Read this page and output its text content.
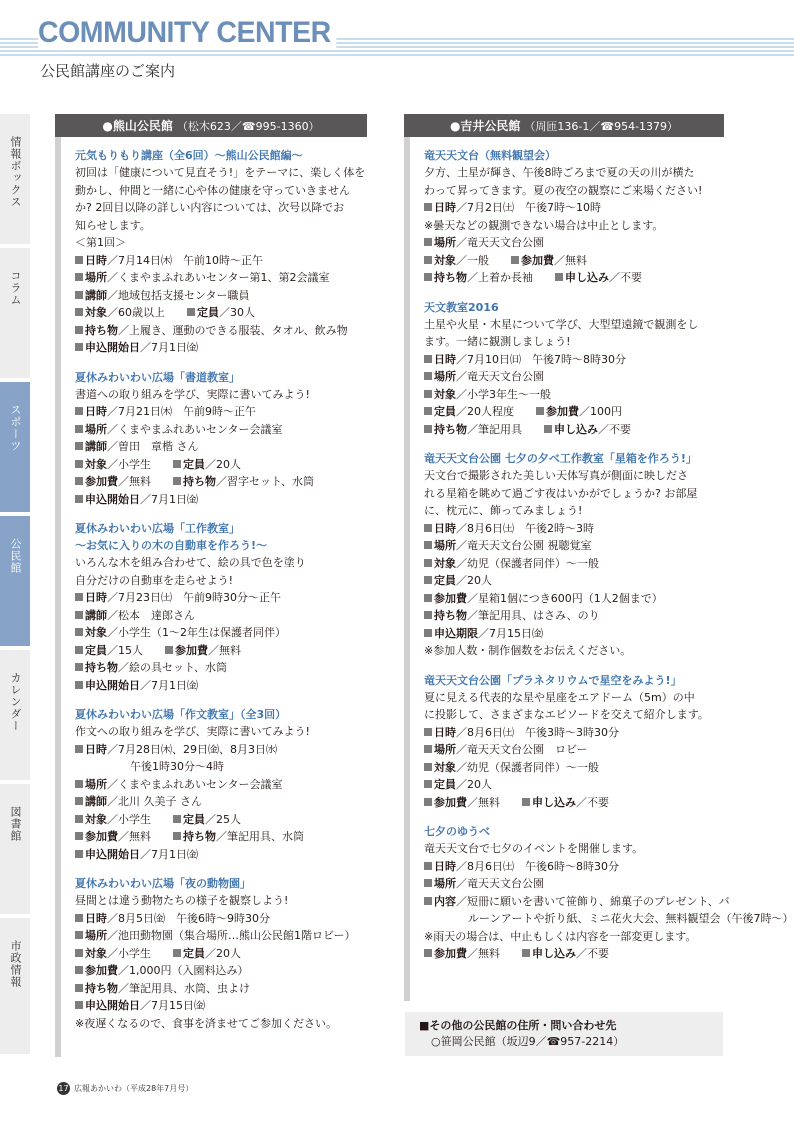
COMMUNITY CENTER
公民館講座のご案内
情報ボックス
コラム
スポーツ
公民館
カレンダー
図書館
市政情報
●熊山公民館 （松木623／☎995-1360）
元気もりもり講座（全6回）～熊山公民館編～
初回は「健康について見直そう!」をテーマに、楽しく体を
動かし、仲間と一緒に心や体の健康を守っていきません
か? 2回目以降の詳しい内容については、次号以降でお
知らせします。
＜第1回＞
日時／7月14日㈭　午前10時～正午
場所／くまやまふれあいセンター第1、第2会議室
講師／地域包括支援センター職員
対象／60歳以上　　定員／30人
持ち物／上履き、運動のできる服装、タオル、飲み物
申込開始日／7月1日㈮
夏休みわいわい広場「書道教室」
書道への取り組みを学び、実際に書いてみよう!
日時／7月21日㈭　午前9時～正午
場所／くまやまふれあいセンター会議室
講師／曽田　章楷 さん
対象／小学生　　定員／20人
参加費／無料　　持ち物／習字セット、水筒
申込開始日／7月1日㈮
夏休みわいわい広場「工作教室」
～お気に入りの木の自動車を作ろう!～
いろんな木を組み合わせて、絵の具で色を塗り
自分だけの自動車を走らせよう!
日時／7月23日㈯　午前9時30分～正午
講師／松本　達郎さん
対象／小学生（1～2年生は保護者同伴）
定員／15人　　参加費／無料
持ち物／絵の具セット、水筒
申込開始日／7月1日㈮
夏休みわいわい広場「作文教室」（全3回）
作文への取り組みを学び、実際に書いてみよう!
日時／7月28日㈭、29日㈮、8月3日㈬
　　　　　午後1時30分～4時
場所／くまやまふれあいセンター会議室
講師／北川 久美子 さん
対象／小学生　　定員／25人
参加費／無料　　持ち物／筆記用具、水筒
申込開始日／7月1日㈮
夏休みわいわい広場「夜の動物園」
昼間とは違う動物たちの様子を観察しよう!
日時／8月5日㈮　午後6時～9時30分
場所／池田動物園（集合場所…熊山公民館1階ロビー）
対象／小学生　　定員／20人
参加費／1,000円（入園料込み）
持ち物／筆記用具、水筒、虫よけ
申込開始日／7月15日㈮
※夜遅くなるので、食事を済ませてご参加ください。
●吉井公民館 （周匝136-1／☎954-1379）
竜天天文台（無料観望会）
夕方、土星が輝き、午後8時ごろまで夏の天の川が横た
わって昇ってきます。夏の夜空の観察にご来場ください!
日時／7月2日㈯　午後7時～10時
※曇天などの観測できない場合は中止とします。
場所／竜天天文台公園
対象／一般　　参加費／無料
持ち物／上着か長袖　　申し込み／不要
天文教室2016
土星や火星・木星について学び、大型望遠鏡で観測をし
ます。一緒に観測しましょう!
日時／7月10日㈰　午後7時～8時30分
場所／竜天天文台公園
対象／小学3年生～一般
定員／20人程度　　参加費／100円
持ち物／筆記用具　　申し込み／不要
竜天天文台公園 七夕の夕べ工作教室「星箱を作ろう!」
天文台で撮影された美しい天体写真が側面に映しださ
れる星箱を眺めて過ごす夜はいかがでしょうか? お部屋
に、枕元に、飾ってみましょう!
日時／8月6日㈯　午後2時～3時
場所／竜天天文台公園 視聴覚室
対象／幼児（保護者同伴）～一般
定員／20人
参加費／星箱1個につき600円（1人2個まで）
持ち物／筆記用具、はさみ、のり
申込期限／7月15日㈮
※参加人数・制作個数をお伝えください。
竜天天文台公園「プラネタリウムで星空をみよう!」
夏に見える代表的な星や星座をエアドーム（5m）の中
に投影して、さまざまなエピソードを交えて紹介します。
日時／8月6日㈯　午後3時～3時30分
場所／竜天天文台公園　ロビー
対象／幼児（保護者同伴）～一般
定員／20人
参加費／無料　　申し込み／不要
七夕のゆうべ
竜天天文台で七夕のイベントを開催します。
日時／8月6日㈯　午後6時～8時30分
場所／竜天天文台公園
内容／短冊に願いを書いて笹飾り、綿菓子のプレゼント、バ
　　　　ルーンアートや折り紙、ミニ花火大会、無料観望会（午後7時～）
※雨天の場合は、中止もしくは内容を一部変更します。
参加費／無料　　申し込み／不要
■その他の公民館の住所・問い合わせ先
○笹岡公民館（坂辺9／☎957-2214）
17 広報あかいわ（平成28年7月号）
